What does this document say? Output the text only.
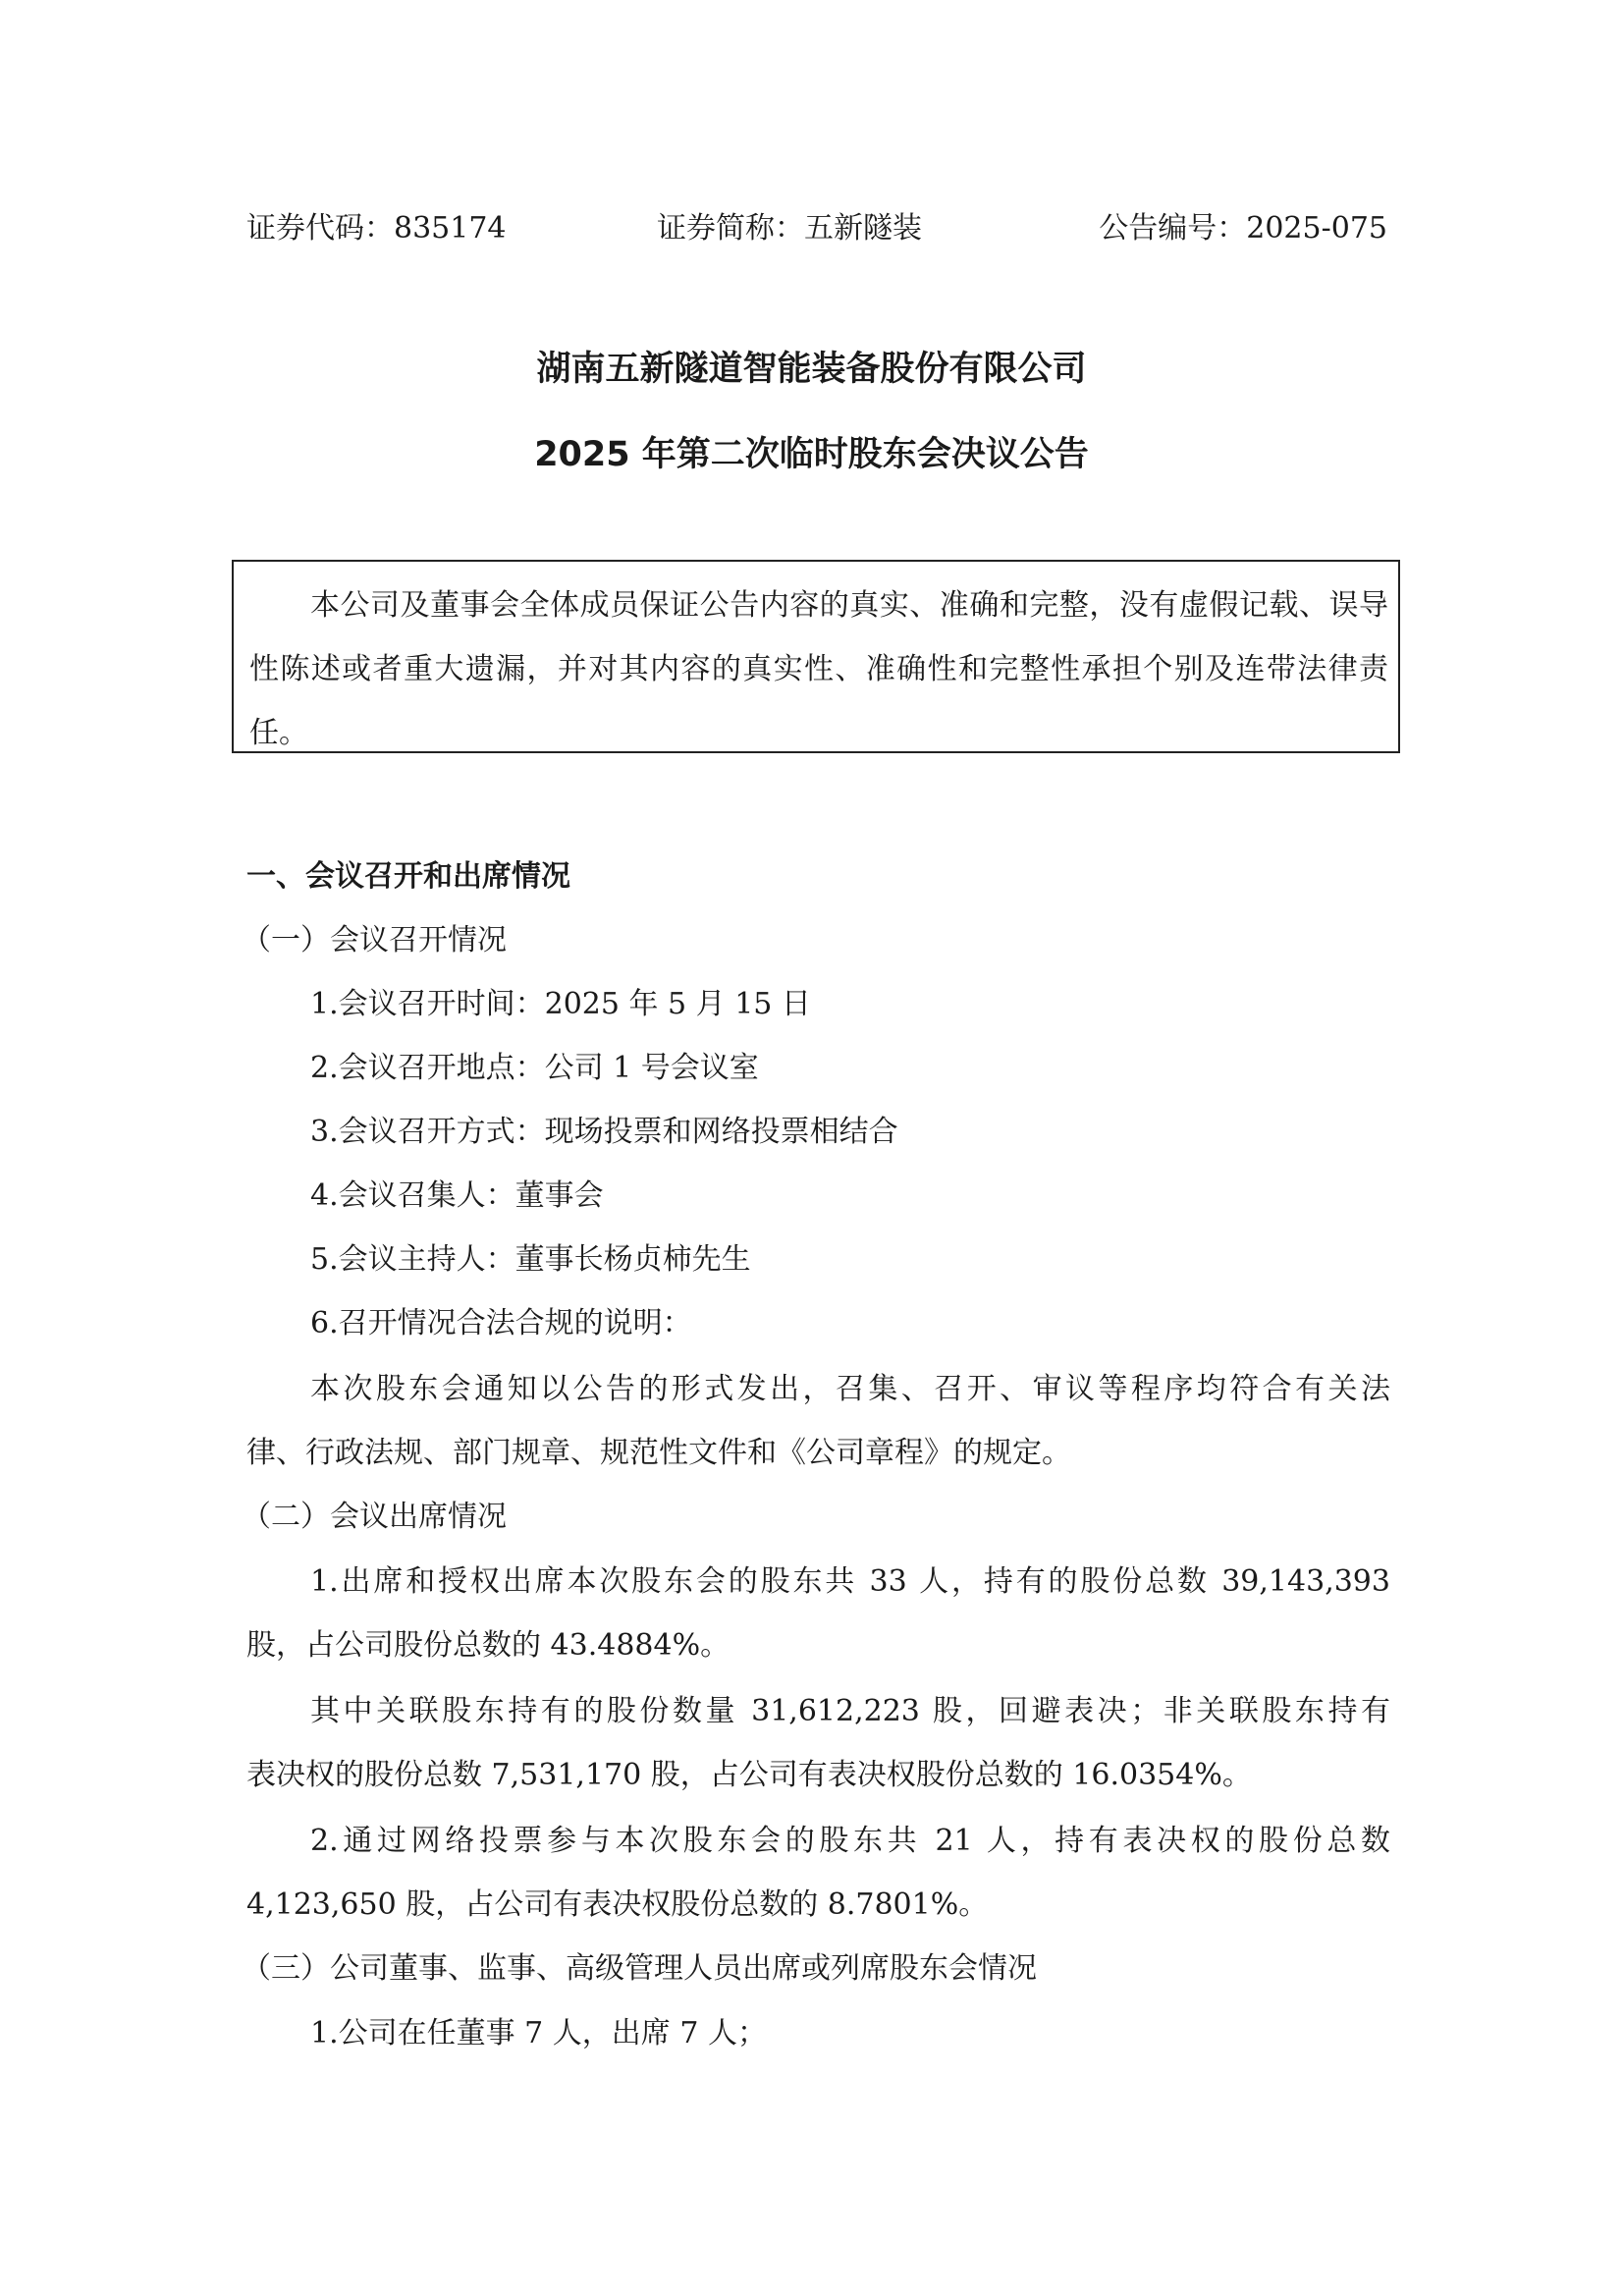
证券代码：835174	证券简称：五新隧装	公告编号：2025-075
湖南五新隧道智能装备股份有限公司
2025 年第二次临时股东会决议公告
本公司及董事会全体成员保证公告内容的真实、准确和完整，没有虚假记载、误导性陈述或者重大遗漏，并对其内容的真实性、准确性和完整性承担个别及连带法律责任。
一、会议召开和出席情况
（一）会议召开情况
1.会议召开时间：2025 年 5 月 15 日
2.会议召开地点：公司 1 号会议室
3.会议召开方式：现场投票和网络投票相结合
4.会议召集人：董事会
5.会议主持人：董事长杨贞柿先生
6.召开情况合法合规的说明：
本次股东会通知以公告的形式发出，召集、召开、审议等程序均符合有关法
律、行政法规、部门规章、规范性文件和《公司章程》的规定。
（二）会议出席情况
1.出席和授权出席本次股东会的股东共 33 人，持有的股份总数 39,143,393
股，占公司股份总数的 43.4884%。
其中关联股东持有的股份数量 31,612,223 股，回避表决；非关联股东持有
表决权的股份总数 7,531,170 股，占公司有表决权股份总数的 16.0354%。
2.通过网络投票参与本次股东会的股东共 21 人，持有表决权的股份总数
4,123,650 股，占公司有表决权股份总数的 8.7801%。
（三）公司董事、监事、高级管理人员出席或列席股东会情况
1.公司在任董事 7 人，出席 7 人；
